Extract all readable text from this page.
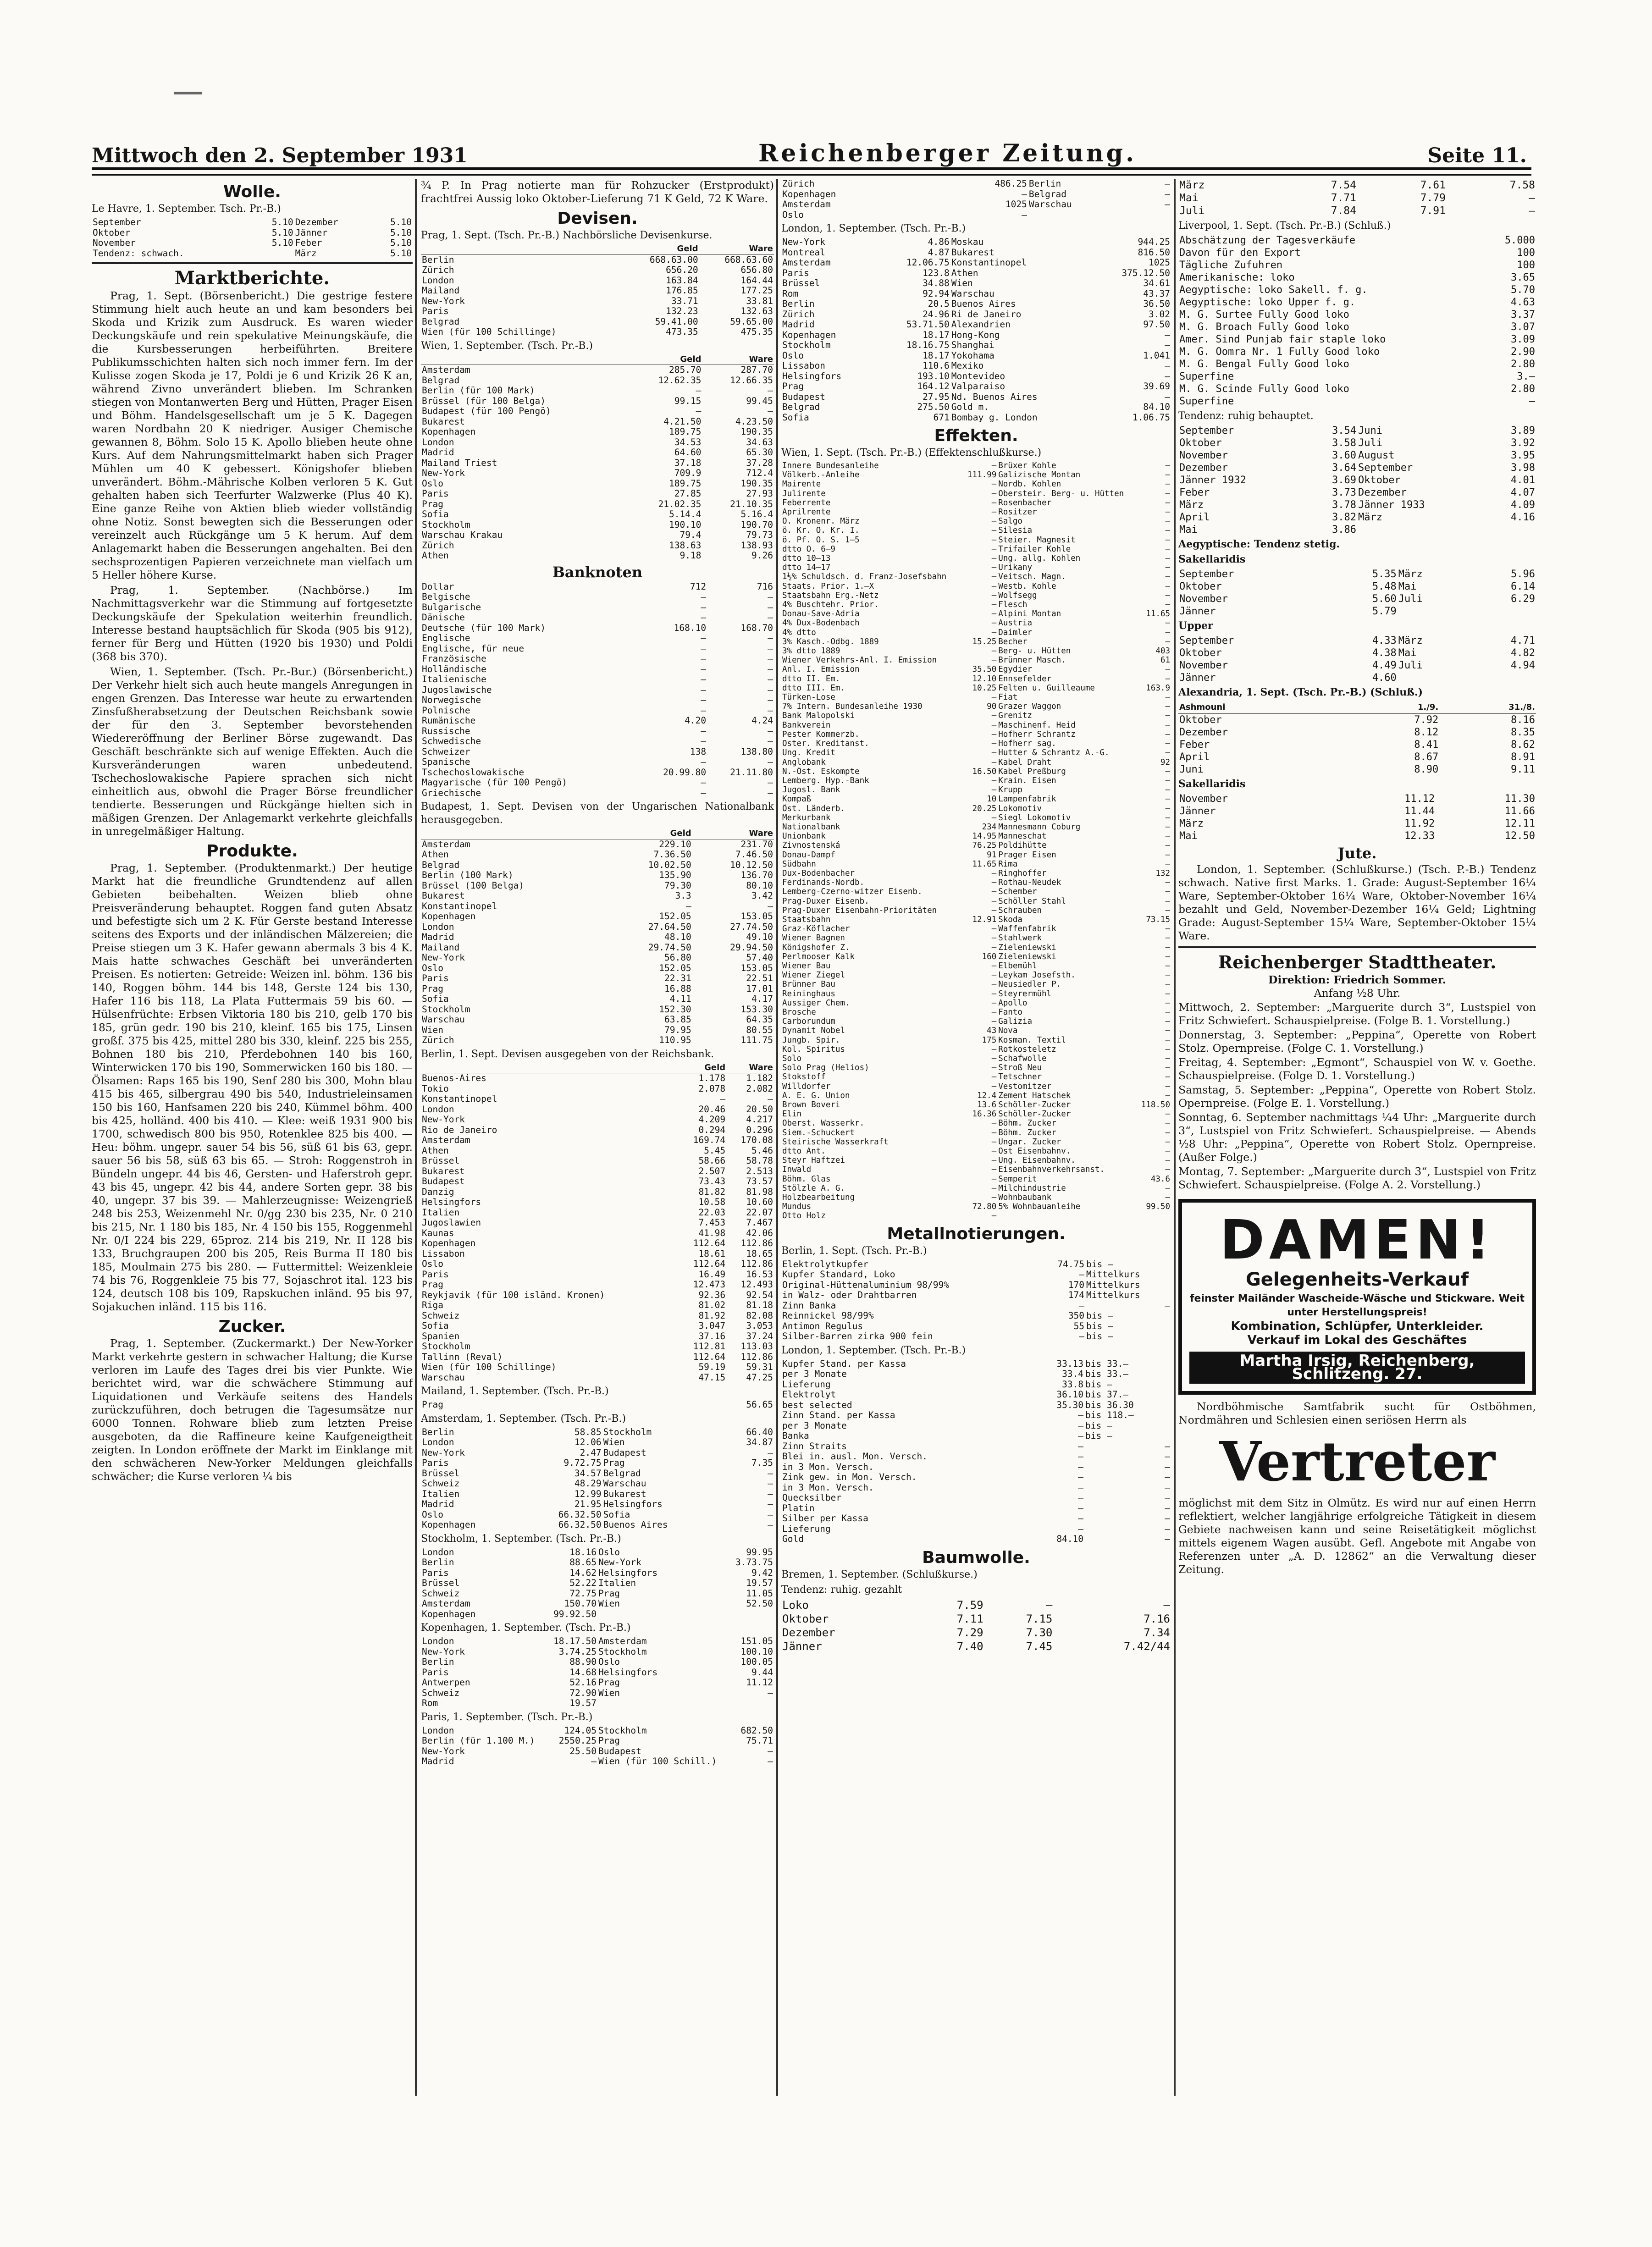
Mittwoch den 2. September 1931	Reichenberger Zeitung.	Seite 11.
Wolle.
Le Havre, 1. September. Tsch. Pr.-B.)
September	5.10	Dezember	5.10
Oktober	5.10	Jänner	5.10
November	5.10	Feber	5.10
Tendenz: schwach.		März	5.10
Marktberichte.

Prag, 1. Sept. (Börsenbericht.) Die gestrige festere Stimmung hielt auch heute an und kam besonders bei Skoda und Krizik zum Ausdruck. Es waren wieder Deckungskäufe und rein spekulative Meinungskäufe, die die Kursbesserungen herbeiführten. Breitere Publikumsschichten halten sich noch immer fern. Im der Kulisse zogen Skoda je 17, Poldi je 6 und Krizik 26 K an, während Zivno unverändert blieben. Im Schranken stiegen von Montanwerten Berg und Hütten, Prager Eisen und Böhm. Handelsgesellschaft um je 5 K. Dagegen waren Nordbahn 20 K niedriger. Ausiger Chemische gewannen 8, Böhm. Solo 15 K. Apollo blieben heute ohne Kurs. Auf dem Nahrungsmittelmarkt haben sich Prager Mühlen um 40 K gebessert. Königshofer blieben unverändert. Böhm.-Mährische Kolben verloren 5 K. Gut gehalten haben sich Teerfurter Walzwerke (Plus 40 K). Eine ganze Reihe von Aktien blieb wieder vollständig ohne Notiz. Sonst bewegten sich die Besserungen oder vereinzelt auch Rückgänge um 5 K herum. Auf dem Anlagemarkt haben die Besserungen angehalten. Bei den sechsprozentigen Papieren verzeichnete man vielfach um 5 Heller höhere Kurse.

Prag, 1. September. (Nachbörse.) Im Nachmittagsverkehr war die Stimmung auf fortgesetzte Deckungskäufe der Spekulation weiterhin freundlich. Interesse bestand hauptsächlich für Skoda (905 bis 912), ferner für Berg und Hütten (1920 bis 1930) und Poldi (368 bis 370).

Wien, 1. September. (Tsch. Pr.-Bur.) (Börsenbericht.) Der Verkehr hielt sich auch heute mangels Anregungen in engen Grenzen. Das Interesse war heute zu erwartenden Zinsfußherabsetzung der Deutschen Reichsbank sowie der für den 3. September bevorstehenden Wiedereröffnung der Berliner Börse zugewandt. Das Geschäft beschränkte sich auf wenige Effekten. Auch die Kursveränderungen waren unbedeutend. Tschechoslowakische Papiere sprachen sich nicht einheitlich aus, obwohl die Prager Börse freundlicher tendierte. Besserungen und Rückgänge hielten sich in mäßigen Grenzen. Der Anlagemarkt verkehrte gleichfalls in unregelmäßiger Haltung.

Produkte.

Prag, 1. September. (Produktenmarkt.) Der heutige Markt hat die freundliche Grundtendenz auf allen Gebieten beibehalten. Weizen blieb ohne Preisveränderung behauptet. Roggen fand guten Absatz und befestigte sich um 2 K. Für Gerste bestand Interesse seitens des Exports und der inländischen Mälzereien; die Preise stiegen um 3 K. Hafer gewann abermals 3 bis 4 K. Mais hatte schwaches Geschäft bei unveränderten Preisen. Es notierten: Getreide: Weizen inl. böhm. 136 bis 140, Roggen böhm. 144 bis 148, Gerste 124 bis 130, Hafer 116 bis 118, La Plata Futtermais 59 bis 60. — Hülsenfrüchte: Erbsen Viktoria 180 bis 210, gelb 170 bis 185, grün gedr. 190 bis 210, kleinf. 165 bis 175, Linsen großf. 375 bis 425, mittel 280 bis 330, kleinf. 225 bis 255, Bohnen 180 bis 210, Pferdebohnen 140 bis 160, Winterwicken 170 bis 190, Sommerwicken 160 bis 180. — Ölsamen: Raps 165 bis 190, Senf 280 bis 300, Mohn blau 415 bis 465, silbergrau 490 bis 540, Industrieleinsamen 150 bis 160, Hanfsamen 220 bis 240, Kümmel böhm. 400 bis 425, holländ. 400 bis 410. — Klee: weiß 1931 900 bis 1700, schwedisch 800 bis 950, Rotenklee 825 bis 400. — Heu: böhm. ungepr. sauer 54 bis 56, süß 61 bis 63, gepr. sauer 56 bis 58, süß 63 bis 65. — Stroh: Roggenstroh in Bündeln ungepr. 44 bis 46, Gersten- und Haferstroh gepr. 43 bis 45, ungepr. 42 bis 44, andere Sorten gepr. 38 bis 40, ungepr. 37 bis 39. — Mahlerzeugnisse: Weizengrieß 248 bis 253, Weizenmehl Nr. 0/gg 230 bis 235, Nr. 0 210 bis 215, Nr. 1 180 bis 185, Nr. 4 150 bis 155, Roggenmehl Nr. 0/I 224 bis 229, 65proz. 214 bis 219, Nr. II 128 bis 133, Bruchgraupen 200 bis 205, Reis Burma II 180 bis 185, Moulmain 275 bis 280. — Futtermittel: Weizenkleie 74 bis 76, Roggenkleie 75 bis 77, Sojaschrot ital. 123 bis 124, deutsch 108 bis 109, Rapskuchen inländ. 95 bis 97, Sojakuchen inländ. 115 bis 116.

Zucker.

Prag, 1. September. (Zuckermarkt.) Der New-Yorker Markt verkehrte gestern in schwacher Haltung; die Kurse verloren im Laufe des Tages drei bis vier Punkte. Wie berichtet wird, war die schwächere Stimmung auf Liquidationen und Verkäufe seitens des Handels zurückzuführen, doch betrugen die Tagesumsätze nur 6000 Tonnen. Rohware blieb zum letzten Preise ausgeboten, da die Raffineure keine Kaufgeneigtheit zeigten. In London eröffnete der Markt im Einklange mit den schwächeren New-Yorker Meldungen gleichfalls schwächer; die Kurse verloren ¼ bis

¾ P. In Prag notierte man für Rohzucker (Erstprodukt) frachtfrei Aussig loko Oktober-Lieferung 71 K Geld, 72 K Ware.

Devisen.
Prag, 1. Sept. (Tsch. Pr.-B.) Nachbörsliche Devisenkurse.
	Geld	Ware
Berlin	668.63.00	668.63.60
Zürich	656.20	656.80
London	163.84	164.44
Mailand	176.85	177.25
New-York	33.71	33.81
Paris	132.23	132.63
Belgrad	59.41.00	59.65.00
Wien (für 100 Schillinge)	473.35	475.35
Wien, 1. September. (Tsch. Pr.-B.)
	Geld	Ware
Amsterdam	285.70	287.70
Belgrad	12.62.35	12.66.35
Berlin (für 100 Mark)	—	—
Brüssel (für 100 Belga)	99.15	99.45
Budapest (für 100 Pengö)	—	—
Bukarest	4.21.50	4.23.50
Kopenhagen	189.75	190.35
London	34.53	34.63
Madrid	64.60	65.30
Mailand Triest	37.18	37.28
New-York	709.9	712.4
Oslo	189.75	190.35
Paris	27.85	27.93
Prag	21.02.35	21.10.35
Sofia	5.14.4	5.16.4
Stockholm	190.10	190.70
Warschau Krakau	79.4	79.73
Zürich	138.63	138.93
Athen	9.18	9.26
Banknoten
Dollar	712	716
Belgische	—	—
Bulgarische	—	—
Dänische	—	—
Deutsche (für 100 Mark)	168.10	168.70
Englische	—	—
Englische, für neue	—	—
Französische	—	—
Holländische	—	—
Italienische	—	—
Jugoslawische	—	—
Norwegische	—	—
Polnische	—	—
Rumänische	4.20	4.24
Russische	—	—
Schwedische	—	—
Schweizer	138	138.80
Spanische	—	—
Tschechoslowakische	20.99.80	21.11.80
Magyarische (für 100 Pengö)	—	—
Griechische	—	—
Budapest, 1. Sept. Devisen von der Ungarischen Nationalbank herausgegeben.
	Geld	Ware
Amsterdam	229.10	231.70
Athen	7.36.50	7.46.50
Belgrad	10.02.50	10.12.50
Berlin (100 Mark)	135.90	136.70
Brüssel (100 Belga)	79.30	80.10
Bukarest	3.3	3.42
Konstantinopel	—	—
Kopenhagen	152.05	153.05
London	27.64.50	27.74.50
Madrid	48.10	49.10
Mailand	29.74.50	29.94.50
New-York	56.80	57.40
Oslo	152.05	153.05
Paris	22.31	22.51
Prag	16.88	17.01
Sofia	4.11	4.17
Stockholm	152.30	153.30
Warschau	63.85	64.35
Wien	79.95	80.55
Zürich	110.95	111.75
Berlin, 1. Sept. Devisen ausgegeben von der Reichsbank.
	Geld	Ware
Buenos-Aires	1.178	1.182
Tokio	2.078	2.082
Konstantinopel	—	—
London	20.46	20.50
New-York	4.209	4.217
Rio de Janeiro	0.294	0.296
Amsterdam	169.74	170.08
Athen	5.45	5.46
Brüssel	58.66	58.78
Bukarest	2.507	2.513
Budapest	73.43	73.57
Danzig	81.82	81.98
Helsingfors	10.58	10.60
Italien	22.03	22.07
Jugoslawien	7.453	7.467
Kaunas	41.98	42.06
Kopenhagen	112.64	112.86
Lissabon	18.61	18.65
Oslo	112.64	112.86
Paris	16.49	16.53
Prag	12.473	12.493
Reykjavik (für 100 isländ. Kronen)	92.36	92.54
Riga	81.02	81.18
Schweiz	81.92	82.08
Sofia	3.047	3.053
Spanien	37.16	37.24
Stockholm	112.81	113.03
Tallinn (Reval)	112.64	112.86
Wien (für 100 Schillinge)	59.19	59.31
Warschau	47.15	47.25
Mailand, 1. September. (Tsch. Pr.-B.)
Prag	56.65
Amsterdam, 1. September. (Tsch. Pr.-B.)
Berlin	58.85	Stockholm	66.40
London	12.06	Wien	34.87
New-York	2.47	Budapest	—
Paris	9.72.75	Prag	7.35
Brüssel	34.57	Belgrad	—
Schweiz	48.29	Warschau	—
Italien	12.99	Bukarest	—
Madrid	21.95	Helsingfors	—
Oslo	66.32.50	Sofia	—
Kopenhagen	66.32.50	Buenos Aires	—
Stockholm, 1. September. (Tsch. Pr.-B.)
London	18.16	Oslo	99.95
Berlin	88.65	New-York	3.73.75
Paris	14.62	Helsingfors	9.42
Brüssel	52.22	Italien	19.57
Schweiz	72.75	Prag	11.05
Amsterdam	150.70	Wien	52.50
Kopenhagen	99.92.50		
Kopenhagen, 1. September. (Tsch. Pr.-B.)
London	18.17.50	Amsterdam	151.05
New-York	3.74.25	Stockholm	100.10
Berlin	88.90	Oslo	100.05
Paris	14.68	Helsingfors	9.44
Antwerpen	52.16	Prag	11.12
Schweiz	72.90	Wien	—
Rom	19.57		
Paris, 1. September. (Tsch. Pr.-B.)
London	124.05	Stockholm	682.50
Berlin (für 1.100 M.)	2550.25	Prag	75.71
New-York	25.50	Budapest	—
Madrid	—	Wien (für 100 Schill.)	—
Zürich	486.25	Berlin	—
Kopenhagen	—	Belgrad	—
Amsterdam	1025	Warschau	—
Oslo	—		
London, 1. September. (Tsch. Pr.-B.)
New-York	4.86	Moskau	944.25
Montreal	4.87	Bukarest	816.50
Amsterdam	12.06.75	Konstantinopel	1025
Paris	123.8	Athen	375.12.50
Brüssel	34.88	Wien	34.61
Rom	92.94	Warschau	43.37
Berlin	20.5	Buenos Aires	36.50
Zürich	24.96	Ri de Janeiro	3.02
Madrid	53.71.50	Alexandrien	97.50
Kopenhagen	18.17	Hong-Kong	—
Stockholm	18.16.75	Shanghai	—
Oslo	18.17	Yokohama	1.041
Lissabon	110.6	Mexiko	—
Helsingfors	193.10	Montevideo	—
Prag	164.12	Valparaiso	39.69
Budapest	27.95	Nd. Buenos Aires	—
Belgrad	275.50	Gold m.	84.10
Sofia	671	Bombay g. London	1.06.75
Effekten.
Wien, 1. Sept. (Tsch. Pr.-B.) (Effektenschlußkurse.)
Innere Bundesanleihe	—	Brüxer Kohle	—
Völkerb.-Anleihe	111.99	Galizische Montan	—
Mairente	—	Nordb. Kohlen	—
Julirente	—	Obersteir. Berg- u. Hütten	—
Feberrente	—	Rosenbacher	—
Aprilrente	—	Rositzer	—
Ö. Kronenr. März	—	Salgo	—
ö. Kr. Ö. Kr. I.	—	Silesia	—
ö. Pf. O. S. 1—5	—	Steier. Magnesit	—
dtto O. 6—9	—	Trifailer Kohle	—
dtto 10—13	—	Ung. allg. Kohlen	—
dtto 14—17	—	Urikany	—
1½% Schuldsch. d. Franz-Josefsbahn	—	Veitsch. Magn.	—
Staats. Prior. 1.—X	—	Westb. Kohle	—
Staatsbahn Erg.-Netz	—	Wolfsegg	—
4% Buschtehr. Prior.	—	Flesch	—
Donau-Save-Adria	—	Alpini Montan	11.65
4% Dux-Bodenbach	—	Austria	—
4% dtto	—	Daimler	—
3% Kasch.-Odbg. 1889	15.25	Becher	—
3% dtto 1889	—	Berg- u. Hütten	403
Wiener Verkehrs-Anl. I. Emission	—	Brünner Masch.	61
Anl. I. Emission	35.50	Egydier	—
dtto II. Em.	12.10	Ennsefelder	—
dtto III. Em.	10.25	Felten u. Guilleaume	163.9
Türken-Lose	—	Fiat	—
7% Intern. Bundesanleihe 1930	90	Grazer Waggon	—
Bank Malopolski	—	Grenitz	—
Bankverein	—	Maschinenf. Heid	—
Pester Kommerzb.	—	Hofherr Schrantz	—
Oster. Kreditanst.	—	Hofherr sag.	—
Ung. Kredit	—	Hutter & Schrantz A.-G.	—
Anglobank	—	Kabel Draht	92
N.-Öst. Eskompte	16.50	Kabel Preßburg	—
Lemberg. Hyp.-Bank	—	Krain. Eisen	—
Jugosl. Bank	—	Krupp	—
Kompaß	10	Lampenfabrik	—
Öst. Länderb.	20.25	Lokomotiv	—
Merkurbank	—	Siegl Lokomotiv	—
Nationalbank	234	Mannesmann Coburg	—
Unionbank	14.95	Manneschat	—
Živnostenská	76.25	Poldihütte	—
Donau-Dampf	91	Prager Eisen	—
Südbahn	11.65	Rima	—
Dux-Bodenbacher	—	Ringhoffer	132
Ferdinands-Nordb.	—	Rothau-Neudek	—
Lemberg-Czerno-witzer Eisenb.	—	Schember	—
Prag-Duxer Eisenb.	—	Schöller Stahl	—
Prag-Duxer Eisenbahn-Prioritäten	—	Schrauben	—
Staatsbahn	12.91	Skoda	73.15
Graz-Köflacher	—	Waffenfabrik	—
Wiener Bagnen	—	Stahlwerk	—
Königshofer Z.	—	Zieleniewski	—
Perlmooser Kalk	160	Zieleniewski	—
Wiener Bau	—	Elbemühl	—
Wiener Ziegel	—	Leykam Josefsth.	—
Brünner Bau	—	Neusiedler P.	—
Reininghaus	—	Steyrermühl	—
Aussiger Chem.	—	Apollo	—
Brosche	—	Fanto	—
Carborundum	—	Galizia	—
Dynamit Nobel	43	Nova	—
Jungb. Spir.	175	Kosman. Textil	—
Kol. Spiritus	—	Rotkosteletz	—
Solo	—	Schafwolle	—
Solo Prag (Helios)	—	Stroß Neu	—
Stokstoff	—	Tetschner	—
Willdorfer	—	Vestomitzer	—
A. E. G. Union	12.4	Zement Hatschek	—
Brown Boveri	13.6	Schöller-Zucker	118.50
Elin	16.36	Schöller-Zucker	—
Oberst. Wasserkr.	—	Böhm. Zucker	—
Siem.-Schuckert	—	Böhm. Zucker	—
Steirische Wasserkraft	—	Ungar. Zucker	—
dtto Ant.	—	Ost Eisenbahnv.	—
Steyr Haftzei	—	Ung. Eisenbahnv.	—
Inwald	—	Eisenbahnverkehrsanst.	—
Böhm. Glas	—	Semperit	43.6
Stölzle A. G.	—	Milchindustrie	—
Holzbearbeitung	—	Wohnbaubank	—
Mundus	72.80	5% Wohnbauanleihe	99.50
Otto Holz	—		
Metallnotierungen.
Berlin, 1. Sept. (Tsch. Pr.-B.)
Elektrolytkupfer	74.75	bis —
Kupfer Standard, Loko	—	Mittelkurs
Original-Hüttenaluminium 98/99%	170	Mittelkurs
in Walz- oder Drahtbarren	174	Mittelkurs
Zinn Banka	—	—
Reinnickel 98/99%	350	bis —
Antimon Regulus	55	bis —
Silber-Barren zirka 900 fein	—	bis —
London, 1. September. (Tsch. Pr.-B.)
Kupfer Stand. per Kassa	33.13	bis 33.—
per 3 Monate	33.4	bis 33.—
Lieferung	33.8	bis —
Elektrolyt	36.10	bis 37.—
best selected	35.30	bis 36.30
Zinn Stand. per Kassa	—	bis 118.—
per 3 Monate	—	bis —
Banka	—	bis —
Zinn Straits	—	—
Blei in. ausl. Mon. Versch.	—	—
in 3 Mon. Versch.	—	—
Zink gew. in Mon. Versch.	—	—
in 3 Mon. Versch.	—	—
Quecksilber	—	—
Platin	—	—
Silber per Kassa	—	—
Lieferung	—	—
Gold	84.10	—
Baumwolle.
Bremen, 1. September. (Schlußkurse.)
Tendenz: ruhig. gezahlt
Loko	7.59	—	—
Oktober	7.11	7.15	7.16
Dezember	7.29	7.30	7.34
Jänner	7.40	7.45	7.42/44
März	7.54	7.61	7.58
Mai	7.71	7.79	—
Juli	7.84	7.91	—
Liverpool, 1. Sept. (Tsch. Pr.-B.) (Schluß.)
Abschätzung der Tagesverkäufe	5.000
Davon für den Export	100
Tägliche Zufuhren	100
Amerikanische: loko	3.65
Aegyptische: loko Sakell. f. g.	5.70
Aegyptische: loko Upper f. g.	4.63
M. G. Surtee Fully Good loko	3.37
M. G. Broach Fully Good loko	3.07
Amer. Sind Punjab fair staple loko	3.09
M. G. Oomra Nr. 1 Fully Good loko	2.90
M. G. Bengal Fully Good loko	2.80
Superfine	3.—
M. G. Scinde Fully Good loko	2.80
Superfine	—
Tendenz: ruhig behauptet.
September	3.54	Juni	3.89
Oktober	3.58	Juli	3.92
November	3.60	August	3.95
Dezember	3.64	September	3.98
Jänner 1932	3.69	Oktober	4.01
Feber	3.73	Dezember	4.07
März	3.78	Jänner 1933	4.09
April	3.82	März	4.16
Mai	3.86		
Aegyptische: Tendenz stetig.
Sakellaridis
September	5.35	März	5.96
Oktober	5.48	Mai	6.14
November	5.60	Juli	6.29
Jänner	5.79		
Upper
September	4.33	März	4.71
Oktober	4.38	Mai	4.82
November	4.49	Juli	4.94
Jänner	4.60		
Alexandria, 1. Sept. (Tsch. Pr.-B.) (Schluß.)
Ashmouni	1./9.	31./8.
Oktober	7.92	8.16
Dezember	8.12	8.35
Feber	8.41	8.62
April	8.67	8.91
Juni	8.90	9.11
Sakellaridis
November	11.12	11.30
Jänner	11.44	11.66
März	11.92	12.11
Mai	12.33	12.50
Jute.

London, 1. September. (Schlußkurse.) (Tsch. P.-B.) Tendenz schwach. Native first Marks. 1. Grade: August-September 16¼ Ware, September-Oktober 16¼ Ware, Oktober-November 16¼ bezahlt und Geld, November-Dezember 16¼ Geld; Lightning Grade: August-September 15¼ Ware, September-Oktober 15¼ Ware.

Reichenberger Stadttheater.
Direktion: Friedrich Sommer.
Anfang ½8 Uhr.

Mittwoch, 2. September: „Marguerite durch 3“, Lustspiel von Fritz Schwiefert. Schauspielpreise. (Folge B. 1. Vorstellung.)

Donnerstag, 3. September: „Peppina“, Operette von Robert Stolz. Opernpreise. (Folge C. 1. Vorstellung.)

Freitag, 4. September: „Egmont“, Schauspiel von W. v. Goethe. Schauspielpreise. (Folge D. 1. Vorstellung.)

Samstag, 5. September: „Peppina“, Operette von Robert Stolz. Opernpreise. (Folge E. 1. Vorstellung.)

Sonntag, 6. September nachmittags ¼4 Uhr: „Marguerite durch 3“, Lustspiel von Fritz Schwiefert. Schauspielpreise. — Abends ½8 Uhr: „Peppina“, Operette von Robert Stolz. Opernpreise. (Außer Folge.)

Montag, 7. September: „Marguerite durch 3“, Lustspiel von Fritz Schwiefert. Schauspielpreise. (Folge A. 2. Vorstellung.)

DAMEN!
Gelegenheits-Verkauf
feinster Mailänder Wascheide-Wäsche und Stickware. Weit unter Herstellungspreis!
Kombination, Schlüpfer, Unterkleider.
Verkauf im Lokal des Geschäftes
Martha Irsig, Reichenberg, Schlitzeng. 27.

Nordböhmische Samtfabrik sucht für Ostböhmen, Nordmähren und Schlesien einen seriösen Herrn als

Vertreter

möglichst mit dem Sitz in Olmütz. Es wird nur auf einen Herrn reflektiert, welcher langjährige erfolgreiche Tätigkeit in diesem Gebiete nachweisen kann und seine Reisetätigkeit möglichst mittels eigenem Wagen ausübt. Gefl. Angebote mit Angabe von Referenzen unter „A. D. 12862“ an die Verwaltung dieser Zeitung.
